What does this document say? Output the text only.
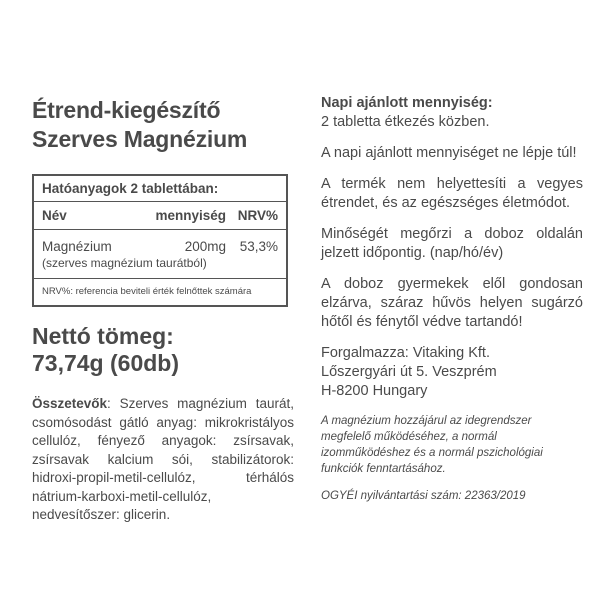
Étrend-kiegészítő
Szerves Magnézium
Hatóanyagok 2 tablettában:
Név	mennyiség NRV%
Magnézium	200mg	53,3%
(szerves magnézium taurátból)
NRV%: referencia beviteli érték felnőttek számára
Nettó tömeg:
73,74g (60db)
Összetevők: Szerves magnézium taurát, csomósodást gátló anyag: mikrokristályos cellulóz, fényező anyagok: zsírsavak, zsírsavak kalcium sói, stabilizátorok: hidroxi-propil-metil-cellulóz, térhálós nátrium-karboxi-metil-cellulóz, nedvesítőszer: glicerin.
Napi ajánlott mennyiség:
2 tabletta étkezés közben.
A napi ajánlott mennyiséget ne lépje túl!
A termék nem helyettesíti a vegyes étrendet, és az egészséges életmódot.
Minőségét megőrzi a doboz oldalán jelzett időpontig. (nap/hó/év)
A doboz gyermekek elől gondosan elzárva, száraz hűvös helyen sugárzó hőtől és fénytől védve tartandó!
Forgalmazza: Vitaking Kft.
Lőszergyári út 5. Veszprém
H-8200 Hungary
A magnézium hozzájárul az idegrendszer megfelelő működéséhez, a normál izomműködéshez és a normál pszichológiai funkciók fenntartásához.
OGYÉI nyilvántartási szám: 22363/2019
